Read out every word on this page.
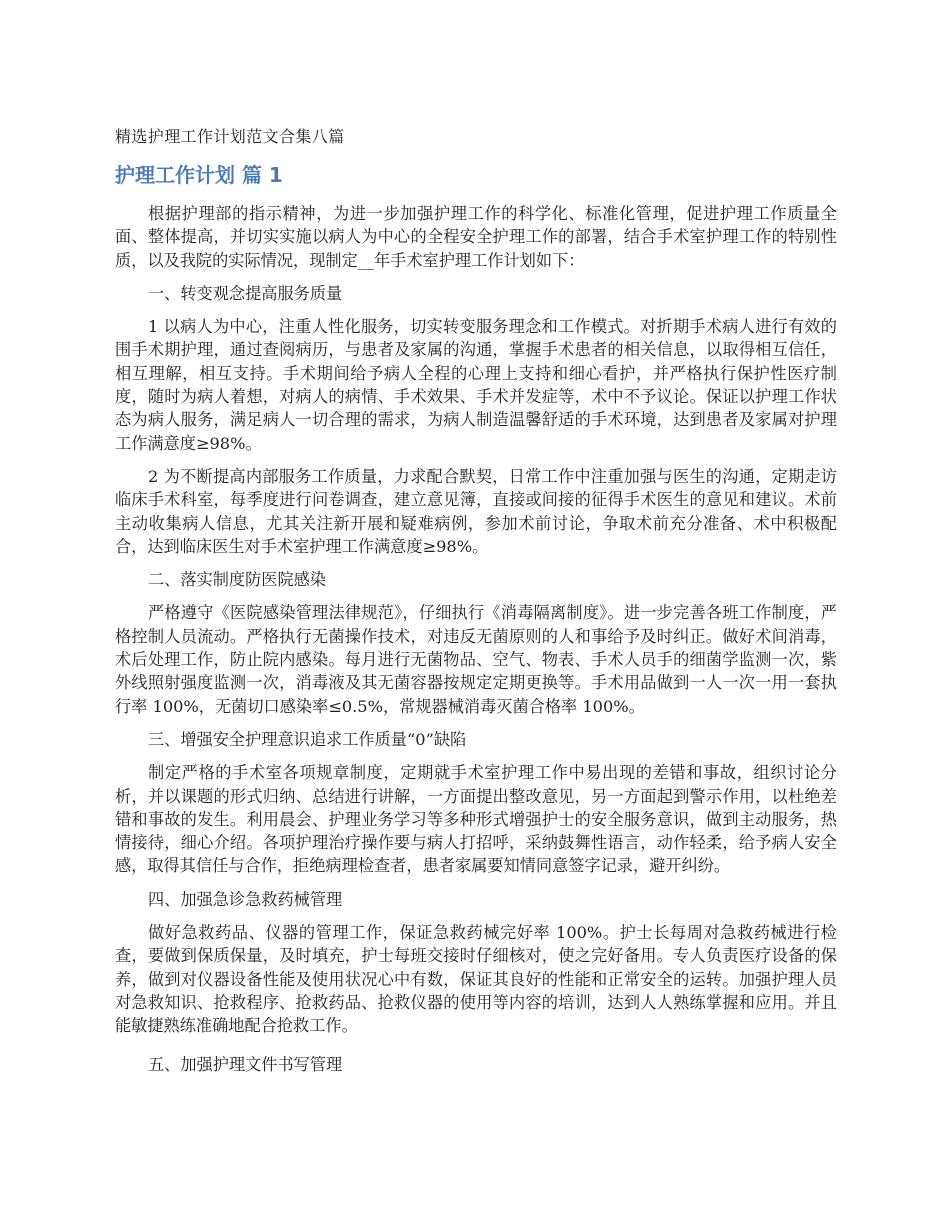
精选护理工作计划范文合集八篇
护理工作计划 篇 1

根据护理部的指示精神，为进一步加强护理工作的科学化、标准化管理，促进护理工作质量全面、整体提高，并切实实施以病人为中心的全程安全护理工作的部署，结合手术室护理工作的特别性质，以及我院的实际情况，现制定__年手术室护理工作计划如下：

一、转变观念提高服务质量

1 以病人为中心，注重人性化服务，切实转变服务理念和工作模式。对折期手术病人进行有效的围手术期护理，通过查阅病历，与患者及家属的沟通，掌握手术患者的相关信息，以取得相互信任，相互理解，相互支持。手术期间给予病人全程的心理上支持和细心看护，并严格执行保护性医疗制度，随时为病人着想，对病人的病情、手术效果、手术并发症等，术中不予议论。保证以护理工作状态为病人服务，满足病人一切合理的需求，为病人制造温馨舒适的手术环境，达到患者及家属对护理工作满意度≥98%。

2 为不断提高内部服务工作质量，力求配合默契，日常工作中注重加强与医生的沟通，定期走访临床手术科室，每季度进行问卷调查，建立意见簿，直接或间接的征得手术医生的意见和建议。术前主动收集病人信息，尤其关注新开展和疑难病例，参加术前讨论，争取术前充分准备、术中积极配合，达到临床医生对手术室护理工作满意度≥98%。

二、落实制度防医院感染

严格遵守《医院感染管理法律规范》，仔细执行《消毒隔离制度》。进一步完善各班工作制度，严格控制人员流动。严格执行无菌操作技术，对违反无菌原则的人和事给予及时纠正。做好术间消毒，术后处理工作，防止院内感染。每月进行无菌物品、空气、物表、手术人员手的细菌学监测一次，紫外线照射强度监测一次，消毒液及其无菌容器按规定定期更换等。手术用品做到一人一次一用一套执行率 100%，无菌切口感染率≤0.5%，常规器械消毒灭菌合格率 100%。

三、增强安全护理意识追求工作质量“0”缺陷

制定严格的手术室各项规章制度，定期就手术室护理工作中易出现的差错和事故，组织讨论分析，并以课题的形式归纳、总结进行讲解，一方面提出整改意见，另一方面起到警示作用，以杜绝差错和事故的发生。利用晨会、护理业务学习等多种形式增强护士的安全服务意识，做到主动服务，热情接待，细心介绍。各项护理治疗操作要与病人打招呼，采纳鼓舞性语言，动作轻柔，给予病人安全感，取得其信任与合作，拒绝病理检查者，患者家属要知情同意签字记录，避开纠纷。

四、加强急诊急救药械管理

做好急救药品、仪器的管理工作，保证急救药械完好率 100%。护士长每周对急救药械进行检查，要做到保质保量，及时填充，护士每班交接时仔细核对，使之完好备用。专人负责医疗设备的保养，做到对仪器设备性能及使用状况心中有数，保证其良好的性能和正常安全的运转。加强护理人员对急救知识、抢救程序、抢救药品、抢救仪器的使用等内容的培训，达到人人熟练掌握和应用。并且能敏捷熟练准确地配合抢救工作。

五、加强护理文件书写管理
